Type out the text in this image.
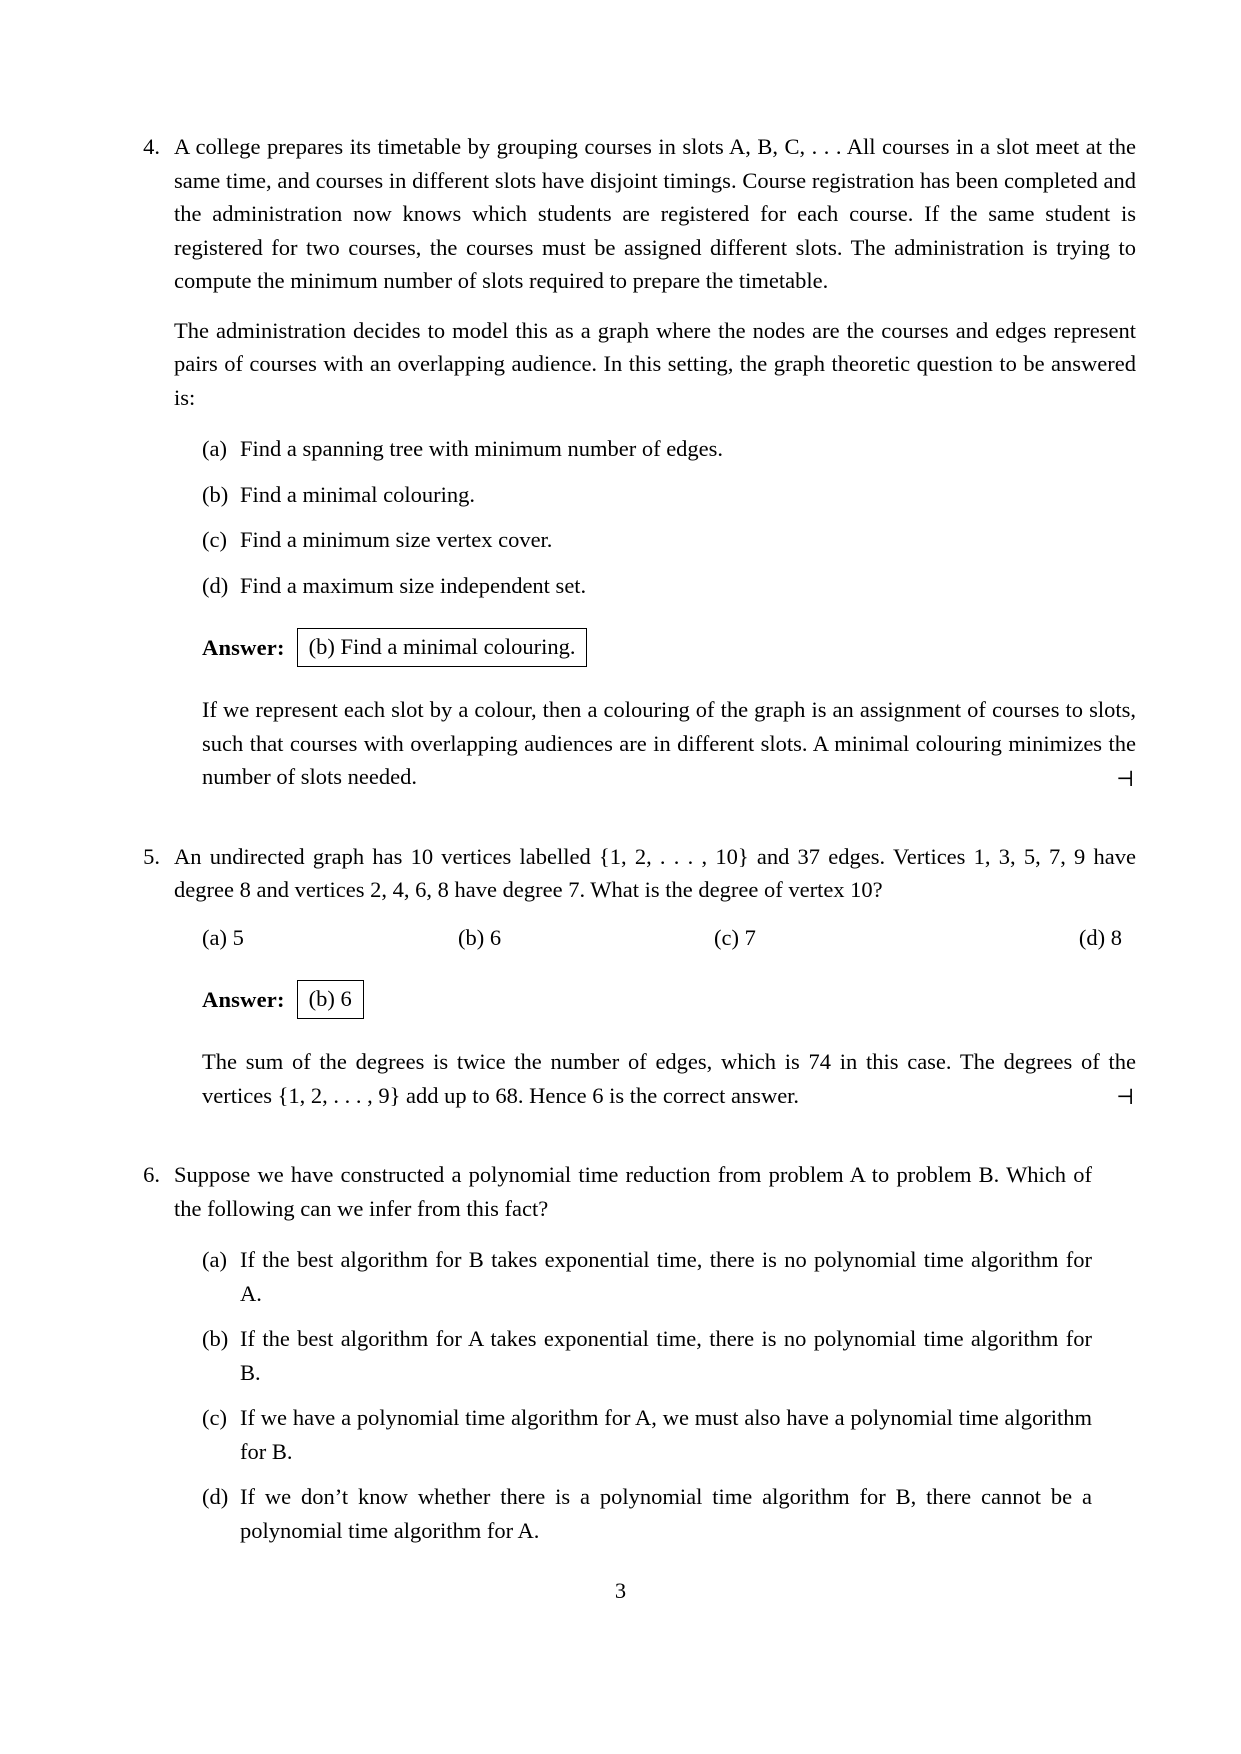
4. A college prepares its timetable by grouping courses in slots A, B, C, . . . All courses in a slot meet at the same time, and courses in different slots have disjoint timings. Course registration has been completed and the administration now knows which students are registered for each course. If the same student is registered for two courses, the courses must be assigned different slots. The administration is trying to compute the minimum number of slots required to prepare the timetable.

The administration decides to model this as a graph where the nodes are the courses and edges represent pairs of courses with an overlapping audience. In this setting, the graph theoretic question to be answered is:

(a) Find a spanning tree with minimum number of edges.
(b) Find a minimal colouring.
(c) Find a minimum size vertex cover.
(d) Find a maximum size independent set.
Answer:	(b) Find a minimal colouring.

If we represent each slot by a colour, then a colouring of the graph is an assignment of courses to slots, such that courses with overlapping audiences are in different slots. A minimal colouring minimizes the number of slots needed.	⊣
5. An undirected graph has 10 vertices labelled {1, 2, . . . , 10} and 37 edges. Vertices 1, 3, 5, 7, 9 have degree 8 and vertices 2, 4, 6, 8 have degree 7. What is the degree of vertex 10?

(a) 5	(b) 6	(c) 7	(d) 8
Answer:	(b) 6

The sum of the degrees is twice the number of edges, which is 74 in this case. The degrees of the vertices {1, 2, . . . , 9} add up to 68. Hence 6 is the correct answer.	⊣
6. Suppose we have constructed a polynomial time reduction from problem A to problem B. Which of the following can we infer from this fact?

(a) If the best algorithm for B takes exponential time, there is no polynomial time algorithm for A.
(b) If the best algorithm for A takes exponential time, there is no polynomial time algorithm for B.
(c) If we have a polynomial time algorithm for A, we must also have a polynomial time algorithm for B.
(d) If we don’t know whether there is a polynomial time algorithm for B, there cannot be a polynomial time algorithm for A.
3
